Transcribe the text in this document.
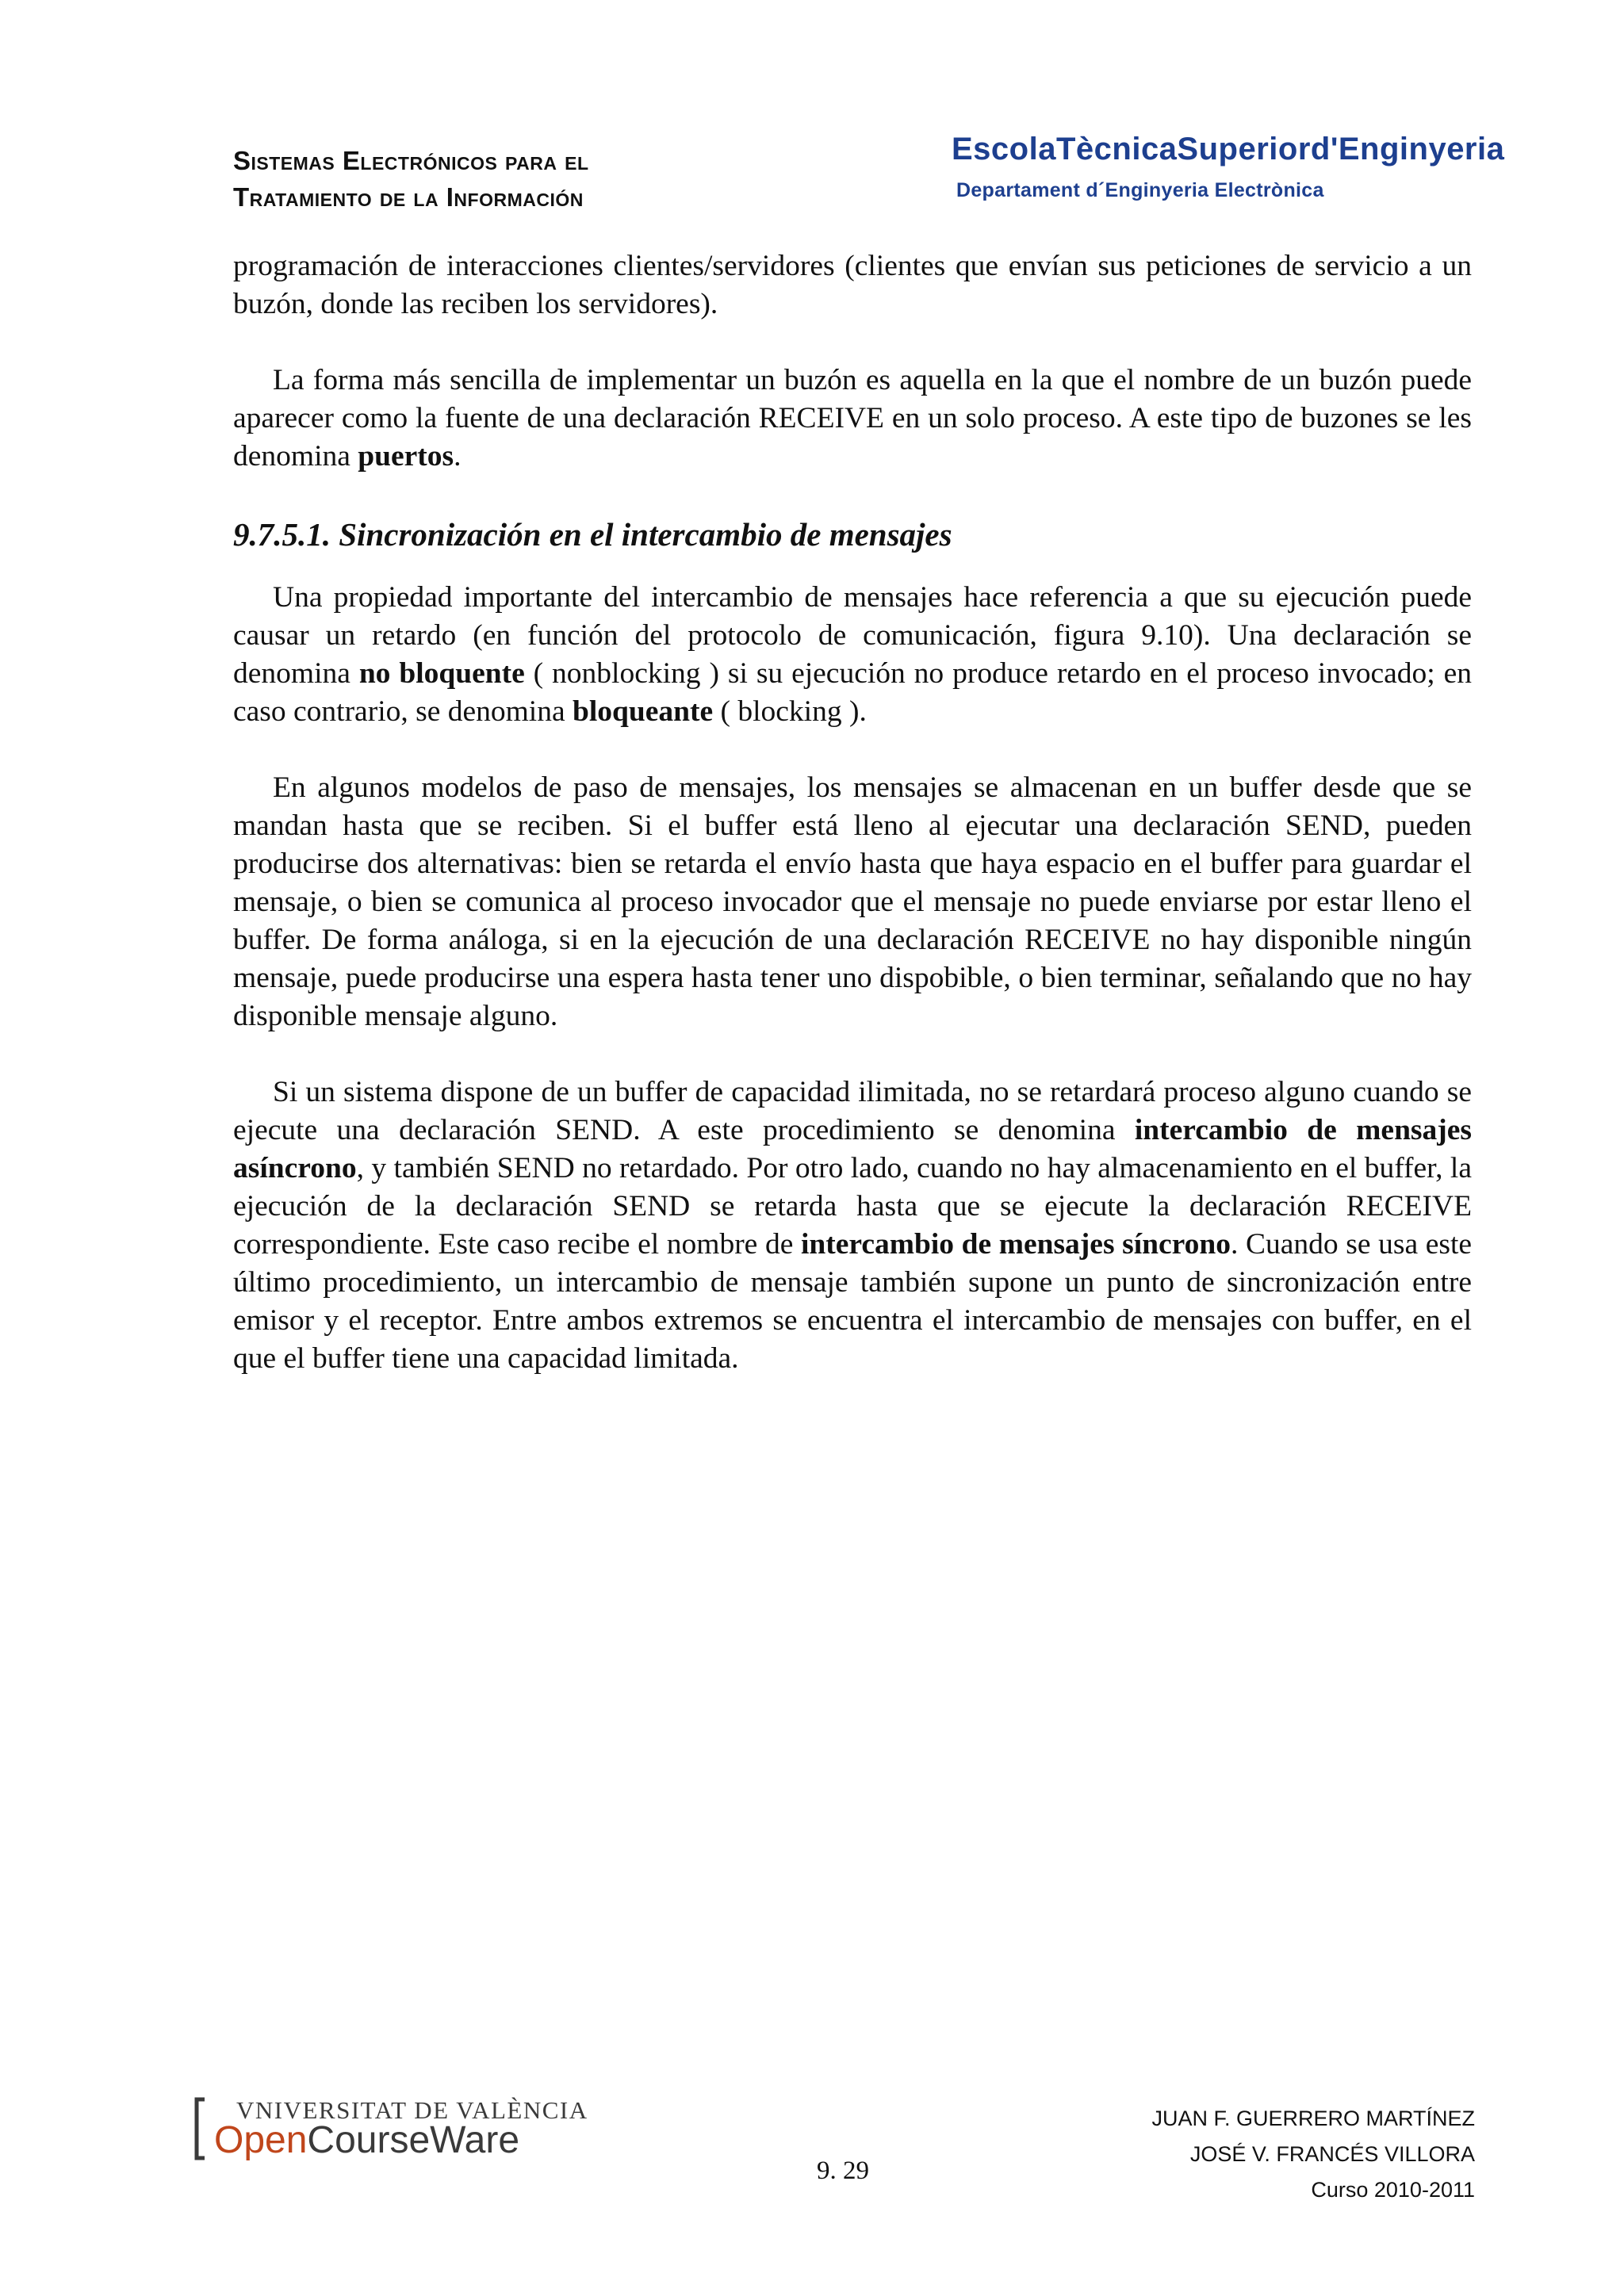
Sistemas Electrónicos para el
Tratamiento de la Información
EscolaTècnicaSuperiord'Enginyeria
Departament d´Enginyeria Electrònica

programación de interacciones clientes/servidores (clientes que envían sus peticiones de servicio a un buzón, donde las reciben los servidores).

La forma más sencilla de implementar un buzón es aquella en la que el nombre de un buzón puede aparecer como la fuente de una declaración RECEIVE en un solo proceso. A este tipo de buzones se les denomina puertos.

9.7.5.1. Sincronización en el intercambio de mensajes

Una propiedad importante del intercambio de mensajes hace referencia a que su ejecución puede causar un retardo (en función del protocolo de comunicación, figura 9.10). Una declaración se denomina no bloquente ( nonblocking ) si su ejecución no produce retardo en el proceso invocado; en caso contrario, se denomina bloqueante ( blocking ).

En algunos modelos de paso de mensajes, los mensajes se almacenan en un buffer desde que se mandan hasta que se reciben. Si el buffer está lleno al ejecutar una declaración SEND, pueden producirse dos alternativas: bien se retarda el envío hasta que haya espacio en el buffer para guardar el mensaje, o bien se comunica al proceso invocador que el mensaje no puede enviarse por estar lleno el buffer. De forma análoga, si en la ejecución de una declaración RECEIVE no hay disponible ningún mensaje, puede producirse una espera hasta tener uno dispobible, o bien terminar, señalando que no hay disponible mensaje alguno.

Si un sistema dispone de un buffer de capacidad ilimitada, no se retardará proceso alguno cuando se ejecute una declaración SEND. A este procedimiento se denomina intercambio de mensajes asíncrono, y también SEND no retardado. Por otro lado, cuando no hay almacenamiento en el buffer, la ejecución de la declaración SEND se retarda hasta que se ejecute la declaración RECEIVE correspondiente. Este caso recibe el nombre de intercambio de mensajes síncrono. Cuando se usa este último procedimiento, un intercambio de mensaje también supone un punto de sincronización entre emisor y el receptor. Entre ambos extremos se encuentra el intercambio de mensajes con buffer, en el que el buffer tiene una capacidad limitada.

VNIVERSITAT DE VALÈNCIA
OpenCourseWare
9. 29
JUAN F. GUERRERO MARTÍNEZ
JOSÉ V. FRANCÉS VILLORA
Curso 2010-2011
